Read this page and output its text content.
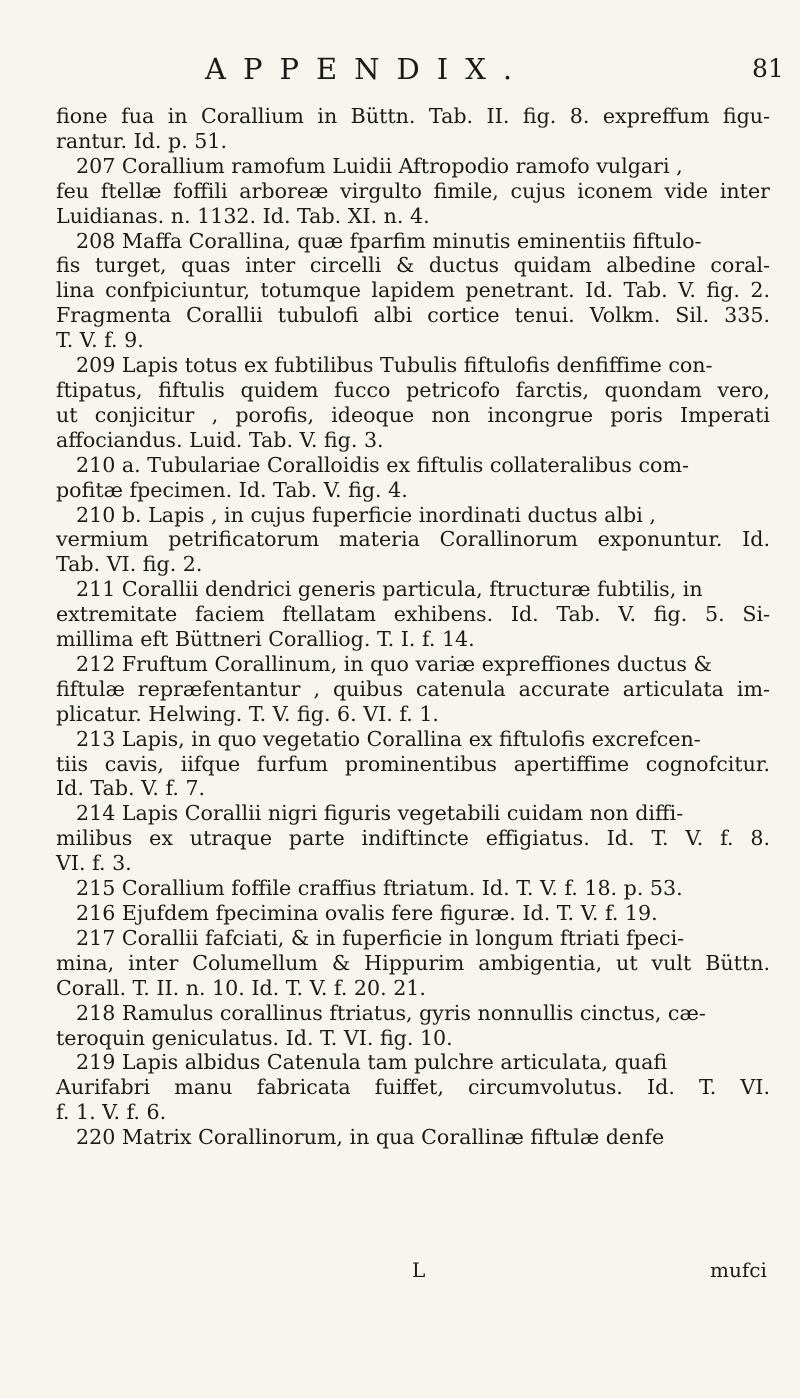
APPENDIX.	81

fione fua in Corallium in Büttn. Tab. II. fig. 8. expreffum figu-
rantur. Id. p. 51.

207 Corallium ramofum Luidii Aftropodio ramofo vulgari ,
feu ftellæ foffili arboreæ virgulto fimile, cujus iconem vide inter
Luidianas. n. 1132. Id. Tab. XI. n. 4.

208 Maffa Corallina, quæ fparfim minutis eminentiis fiftulo-
fis turget, quas inter circelli & ductus quidam albedine coral-
lina confpiciuntur, totumque lapidem penetrant. Id. Tab. V. fig. 2.
Fragmenta Corallii tubulofi albi cortice tenui. Volkm. Sil. 335.
T. V. f. 9.

209 Lapis totus ex fubtilibus Tubulis fiftulofis denfiffime con-
ftipatus, fiftulis quidem fucco petricofo farctis, quondam vero,
ut conjicitur , porofis, ideoque non incongrue poris Imperati
affociandus. Luid. Tab. V. fig. 3.

210 a. Tubulariae Coralloidis ex fiftulis collateralibus com-
pofitæ fpecimen. Id. Tab. V. fig. 4.

210 b. Lapis , in cujus fuperficie inordinati ductus albi ,
vermium petrificatorum materia Corallinorum exponuntur. Id.
Tab. VI. fig. 2.

211 Corallii dendrici generis particula, ftructuræ fubtilis, in
extremitate faciem ftellatam exhibens. Id. Tab. V. fig. 5. Si-
millima eft Büttneri Coralliog. T. I. f. 14.

212 Fruftum Corallinum, in quo variæ expreffiones ductus &
fiftulæ repræfentantur , quibus catenula accurate articulata im-
plicatur. Helwing. T. V. fig. 6. VI. f. 1.

213 Lapis, in quo vegetatio Corallina ex fiftulofis excrefcen-
tiis cavis, iifque furfum prominentibus apertiffime cognofcitur.
Id. Tab. V. f. 7.

214 Lapis Corallii nigri figuris vegetabili cuidam non diffi-
milibus ex utraque parte indiftincte effigiatus. Id. T. V. f. 8.
VI. f. 3.

215 Corallium foffile craffius ftriatum. Id. T. V. f. 18. p. 53.

216 Ejufdem fpecimina ovalis fere figuræ. Id. T. V. f. 19.

217 Corallii fafciati, & in fuperficie in longum ftriati fpeci-
mina, inter Columellum & Hippurim ambigentia, ut vult Büttn.
Corall. T. II. n. 10. Id. T. V. f. 20. 21.

218 Ramulus corallinus ftriatus, gyris nonnullis cinctus, cæ-
teroquin geniculatus. Id. T. VI. fig. 10.

219 Lapis albidus Catenula tam pulchre articulata, quafi
Aurifabri manu fabricata fuiffet, circumvolutus. Id. T. VI.
f. 1. V. f. 6.

220 Matrix Corallinorum, in qua Corallinæ fiftulæ denfe

L	mufci
